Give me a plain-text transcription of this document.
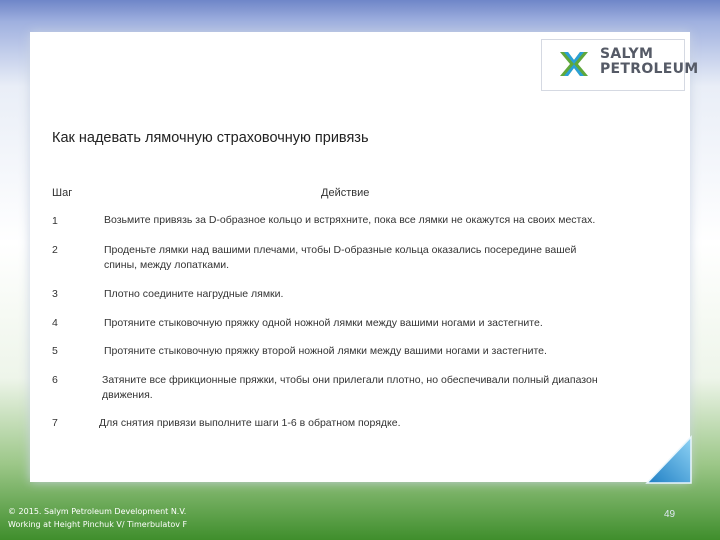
SALYM
PETROLEUM
Как надевать лямочную страховочную привязь
Шаг	Действие
1	Возьмите привязь за D-образное кольцо и встряхните, пока все лямки не окажутся на своих местах.
2	Проденьте лямки над вашими плечами, чтобы D-образные кольца оказались посередине вашей
спины, между лопатками.
3	Плотно соедините нагрудные лямки.
4	Протяните стыковочную пряжку одной ножной лямки между вашими ногами и застегните.
5	Протяните стыковочную пряжку второй ножной лямки между вашими ногами и застегните.
6	Затяните все фрикционные пряжки, чтобы они прилегали плотно, но обеспечивали полный диапазон
движения.
7	Для снятия привязи выполните шаги 1-6 в обратном порядке.
© 2015. Salym Petroleum Development N.V.
Working at Height Pinchuk V/ Timerbulatov F
49
